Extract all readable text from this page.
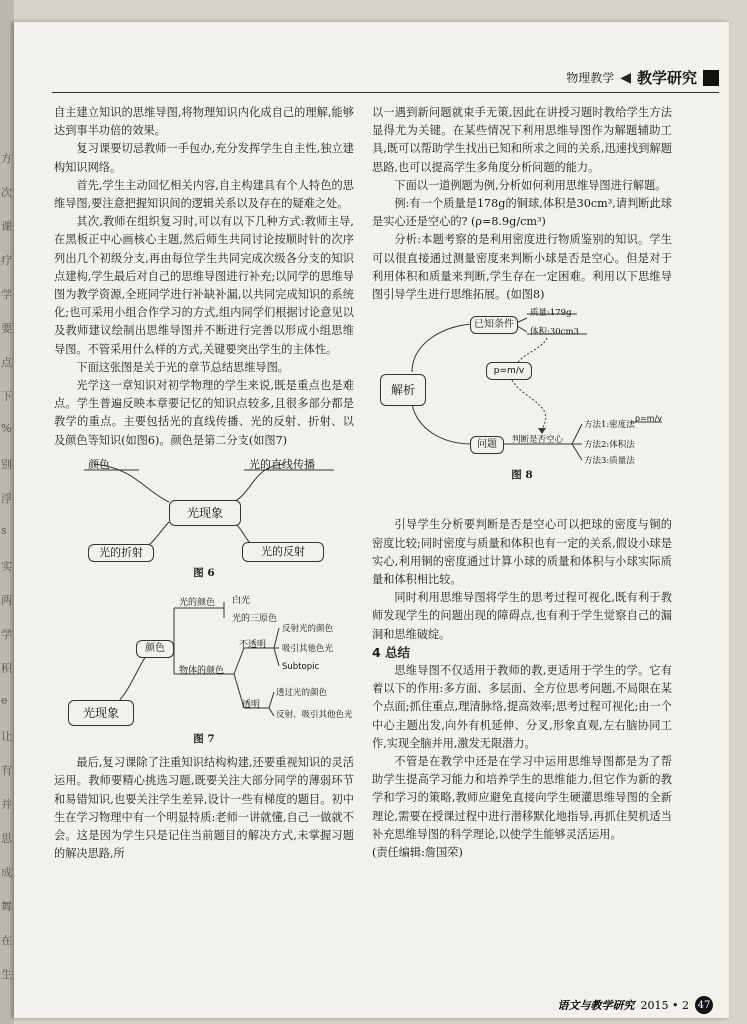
方
次
课
疗
学
要
点
下
%
别
浮
s
实
两
学
积
e
让
有
并
思
成
舞
在
生
物理教学 ◀ 教学研究

自主建立知识的思维导图,将物理知识内化成自己的理解,能够达到事半功倍的效果。

复习课要切忌教师一手包办,充分发挥学生自主性,独立建构知识网络。

首先,学生主动回忆相关内容,自主构建具有个人特色的思维导图,要注意把握知识间的逻辑关系以及存在的疑难之处。

其次,教师在组织复习时,可以有以下几种方式:教师主导,在黑板正中心画核心主题,然后师生共同讨论按顺时针的次序列出几个初级分支,再由每位学生共同完成次级各分支的知识点建构,学生最后对自己的思维导图进行补充;以同学的思维导图为教学资源,全班同学进行补缺补漏,以共同完成知识的系统化;也可采用小组合作学习的方式,组内同学们根据讨论意见以及教师建议绘制出思维导图并不断进行完善以形成小组思维导图。不管采用什么样的方式,关键要突出学生的主体性。

下面这张图是关于光的章节总结思维导图。

光学这一章知识对初学物理的学生来说,既是重点也是难点。学生普遍反映本章要记忆的知识点较多,且很多部分都是教学的重点。主要包括光的直线传播、光的反射、折射、以及颜色等知识(如图6)。颜色是第二分支(如图7)

颜色	光的直线传播
光现象
光的反射
光的折射
图 6
光的颜色 白光
光的三原色
颜色
物体的颜色
不透明
反射光的颜色
吸引其他色光
Subtopic
透明
透过光的颜色
反射、吸引其他色光
光现象
图 7

最后,复习课除了注重知识结构构建,还要重视知识的灵活运用。教师要精心挑选习题,既要关注大部分同学的薄弱环节和易错知识,也要关注学生差异,设计一些有梯度的题目。初中生在学习物理中有一个明显特质:老师一讲就懂,自己一做就不会。这是因为学生只是记住当前题目的解决方式,未掌握习题的解决思路,所

以一遇到新问题就束手无策,因此在讲授习题时教给学生方法显得尤为关键。在某些情况下利用思维导图作为解题辅助工具,既可以帮助学生找出已知和所求之间的关系,迅速找到解题思路,也可以提高学生多角度分析问题的能力。

下面以一道例题为例,分析如何利用思维导图进行解题。

例:有一个质量是178g的铜球,体积是30cm³,请判断此球是实心还是空心的? (ρ=8.9g/cm³)

分析:本题考察的是利用密度进行物质鉴别的知识。学生可以很直接通过测量密度来判断小球是否是空心。但是对于利用体积和质量来判断,学生存在一定困难。利用以下思维导图引导学生进行思维拓展。(如图8)

解析
已知条件
质量:179g
体积:30cm3
p=m/v
问题	判断是否空心
方法1:密度法
p=m/v
方法2:体积法
方法3:质量法
图 8

引导学生分析要判断是否是空心可以把球的密度与铜的密度比较;同时密度与质量和体积也有一定的关系,假设小球是实心,利用铜的密度通过计算小球的质量和体积与小球实际质量和体积相比较。

同时利用思维导图将学生的思考过程可视化,既有利于教师发现学生的问题出现的障碍点,也有利于学生觉察自己的漏洞和思维破绽。

4 总结

思维导图不仅适用于教师的教,更适用于学生的学。它有着以下的作用:多方面、多层面、全方位思考问题,不局限在某个点面;抓住重点,理清脉络,提高效率;思考过程可视化;由一个中心主题出发,向外有机延伸、分叉,形象直观,左右脑协同工作,实现全脑并用,激发无限潜力。

不管是在教学中还是在学习中运用思维导图都是为了帮助学生提高学习能力和培养学生的思维能力,但它作为新的教学和学习的策略,教师应避免直接向学生硬灌思维导图的全新理论,需要在授课过程中进行潜移默化地指导,再抓住契机适当补充思维导图的科学理论,以使学生能够灵活运用。

(责任编辑:詹国荣)

语文与教学研究 2015 • 2 47
